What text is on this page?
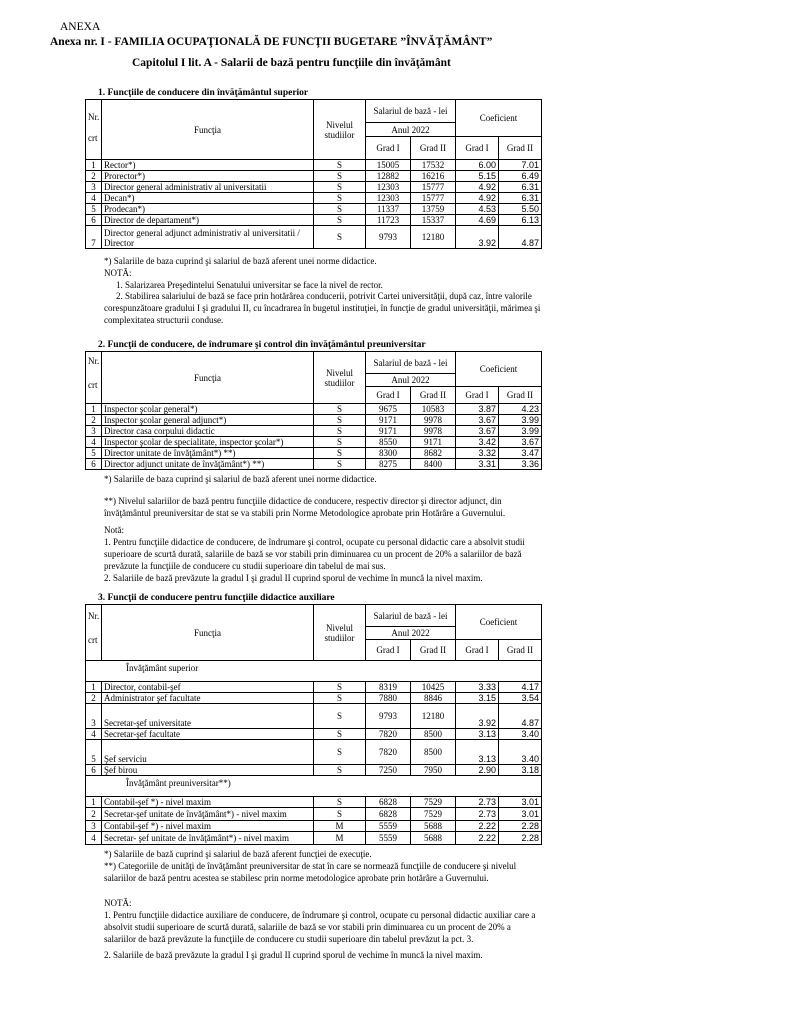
ANEXA
Anexa nr. I - FAMILIA OCUPAŢIONALĂ DE FUNCŢII BUGETARE ”ÎNVĂŢĂMÂNT”
Capitolul I lit. A - Salarii de bază pentru funcţiile din învăţământ
1. Funcţiile de conducere din învăţământul superior
Nr.
crt	Funcţia	Nivelul studiilor	Salariul de bază - lei		Coeficient	
			Anul 2022			
			Grad I	Grad II	Grad I	Grad II
1	Rector*)	S	15005	17532	6.00	7.01
2	Prorector*)	S	12882	16216	5.15	6.49
3	Director general administrativ al universitatii	S	12303	15777	4.92	6.31
4	Decan*)	S	12303	15777	4.92	6.31
5	Prodecan*)	S	11337	13759	4.53	5.50
6	Director de departament*)	S	11723	15337	4.69	6.13
7	Director general adjunct administrativ al universitatii / Director	S	9793	12180	3.92	4.87

*) Salariile de baza cuprind şi salariul de bază aferent unei norme didactice.

NOTĂ:

1. Salarizarea Preşedintelui Senatului universitar se face la nivel de rector.

2. Stabilirea salariului de bază se face prin hotărârea conducerii, potrivit Cartei universităţii, după caz, între valorile corespunzătoare gradului I şi gradului II, cu încadrarea în bugetul instituţiei, în funcţie de gradul universităţii, mărimea şi complexitatea structurii conduse.

2. Funcţii de conducere, de îndrumare şi control din învăţământul preuniversitar
Nr.
crt	Funcţia	Nivelul studiilor	Salariul de bază - lei		Coeficient	
			Anul 2022			
			Grad I	Grad II	Grad I	Grad II
1	Inspector şcolar general*)	S	9675	10583	3.87	4.23
2	Inspector şcolar general adjunct*)	S	9171	9978	3.67	3.99
3	Director casa corpului didactic	S	9171	9978	3.67	3.99
4	Inspector şcolar de specialitate, inspector şcolar*)	S	8550	9171	3.42	3.67
5	Director unitate de învăţământ*) **)	S	8300	8682	3.32	3.47
6	Director adjunct unitate de învăţământ*) **)	S	8275	8400	3.31	3.36

*) Salariile de baza cuprind şi salariul de bază aferent unei norme didactice.

**) Nivelul salariilor de bază pentru funcţiile didactice de conducere, respectiv director şi director adjunct, din învăţământul preuniversitar de stat se va stabili prin Norme Metodologice aprobate prin Hotărâre a Guvernului.

Notă:

1. Pentru funcţiile didactice de conducere, de îndrumare şi control, ocupate cu personal didactic care a absolvit studii superioare de scurtă durată, salariile de bază se vor stabili prin diminuarea cu un procent de 20% a salariilor de bază prevăzute la funcţiile de conducere cu studii superioare din tabelul de mai sus.

2. Salariile de bază prevăzute la gradul I şi gradul II cuprind sporul de vechime în muncă la nivel maxim.

3. Funcţii de conducere pentru funcţiile didactice auxiliare
Nr.
crt	Funcţia	Nivelul studiilor	Salariul de bază - lei		Coeficient	
			Anul 2022			
			Grad I	Grad II	Grad I	Grad II
Învăţământ superior						
1	Director, contabil-şef	S	8319	10425	3.33	4.17
2	Administrator şef facultate	S	7880	8846	3.15	3.54
3	Secretar-şef universitate	S	9793	12180	3.92	4.87
4	Secretar-şef facultate	S	7820	8500	3.13	3.40
5	Şef serviciu	S	7820	8500	3.13	3.40
6	Şef birou	S	7250	7950	2.90	3.18
Învăţământ preuniversitar**)						
1	Contabil-şef *) - nivel maxim	S	6828	7529	2.73	3.01
2	Secretar-şef unitate de învăţământ*) - nivel maxim	S	6828	7529	2.73	3.01
3	Contabil-şef *) - nivel maxim	M	5559	5688	2.22	2.28
4	Secretar- şef unitate de învăţământ*) - nivel maxim	M	5559	5688	2.22	2.28

*) Salariile de bază cuprind şi salariul de bază aferent funcţiei de execuţie.

**) Categoriile de unităţi de învăţământ preuniversitar de stat în care se normează funcţiile de conducere şi nivelul salariilor de bază pentru acestea se stabilesc prin norme metodologice aprobate prin hotărâre a Guvernului.

NOTĂ:

1. Pentru funcţiile didactice auxiliare de conducere, de îndrumare şi control, ocupate cu personal didactic auxiliar care a absolvit studii superioare de scurtă durată, salariile de bază se vor stabili prin diminuarea cu un procent de 20% a salariilor de bază prevăzute la funcţiile de conducere cu studii superioare din tabelul prevăzut la pct. 3.

2. Salariile de bază prevăzute la gradul I şi gradul II cuprind sporul de vechime în muncă la nivel maxim.
